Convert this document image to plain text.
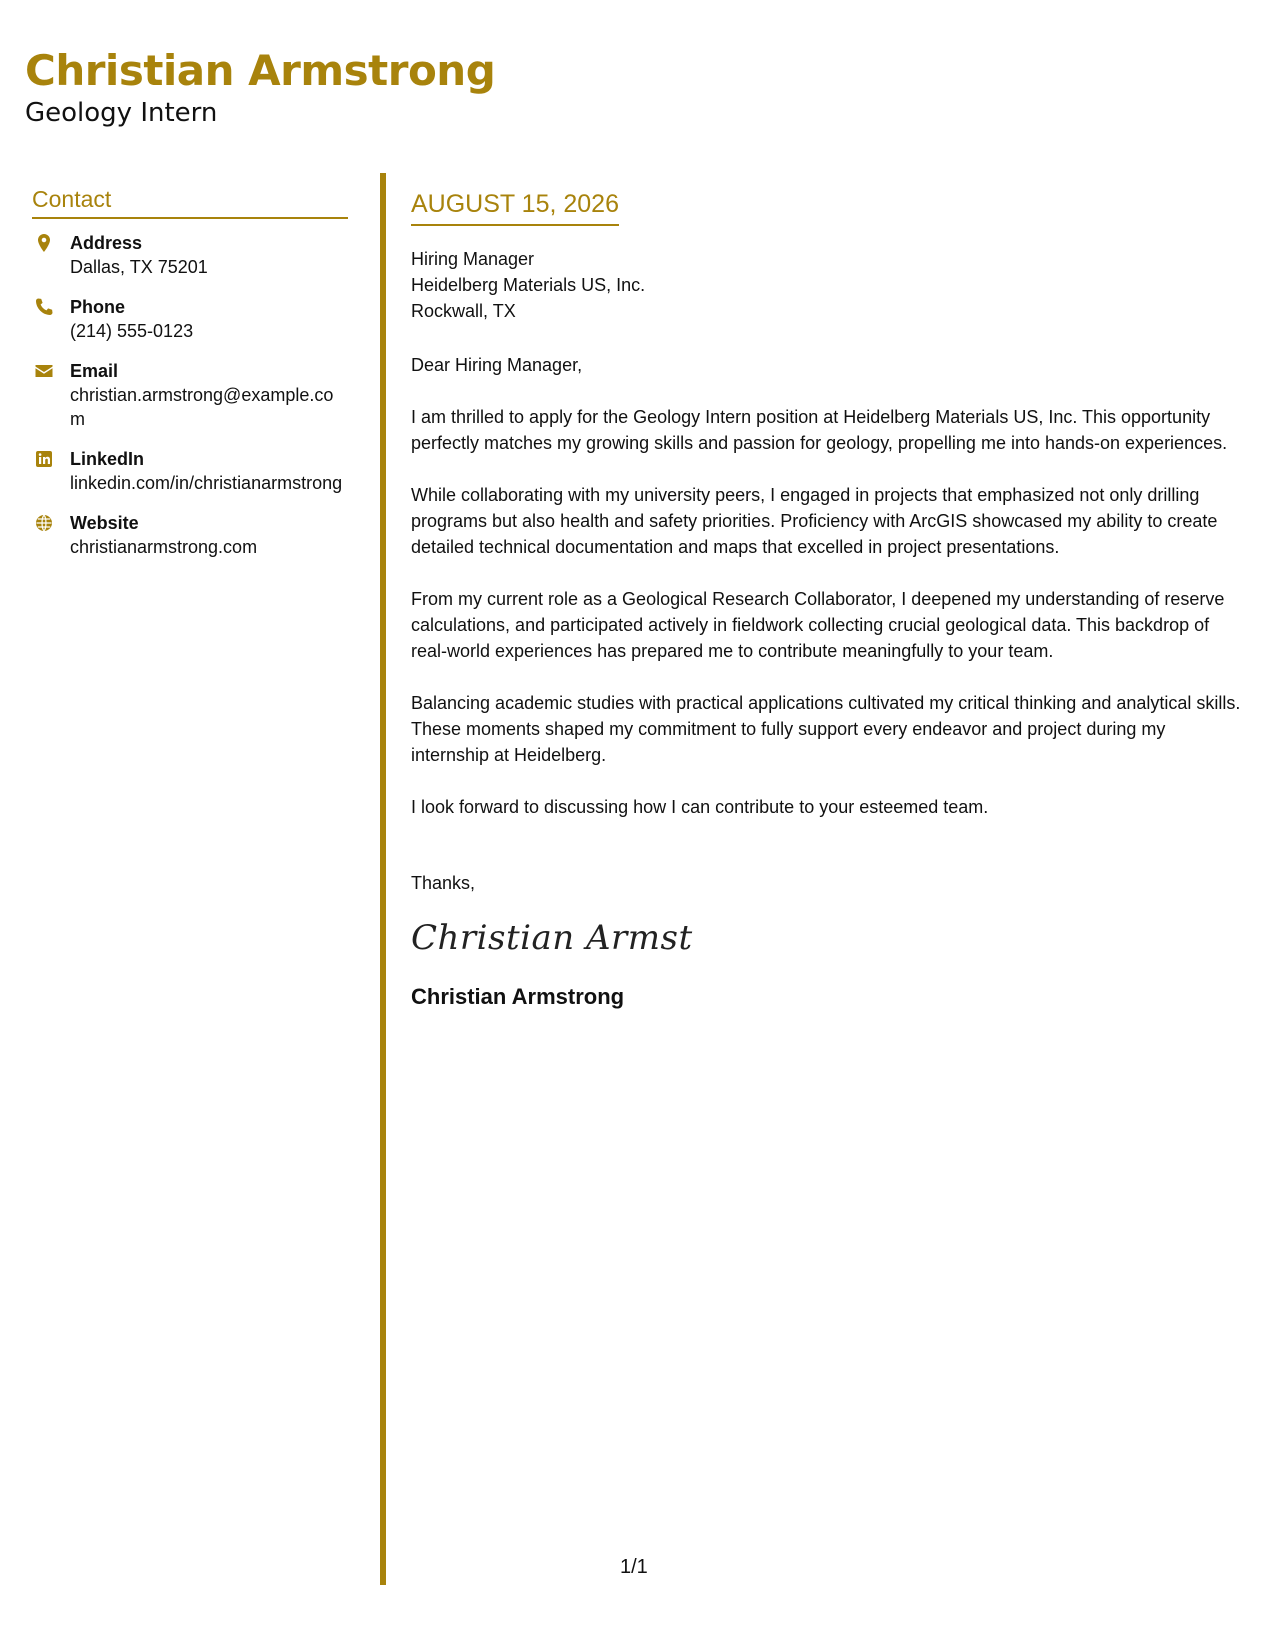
Christian Armstrong
Geology Intern
Contact
Address
Dallas, TX 75201
Phone
(214) 555-0123
Email
christian.armstrong@example.com
LinkedIn
linkedin.com/in/christianarmstrong
Website
christianarmstrong.com
AUGUST 15, 2026
Hiring Manager
Heidelberg Materials US, Inc.
Rockwall, TX

Dear Hiring Manager,

I am thrilled to apply for the Geology Intern position at Heidelberg Materials US, Inc. This opportunity perfectly matches my growing skills and passion for geology, propelling me into hands-on experiences.

While collaborating with my university peers, I engaged in projects that emphasized not only drilling programs but also health and safety priorities. Proficiency with ArcGIS showcased my ability to create detailed technical documentation and maps that excelled in project presentations.

From my current role as a Geological Research Collaborator, I deepened my understanding of reserve calculations, and participated actively in fieldwork collecting crucial geological data. This backdrop of real-world experiences has prepared me to contribute meaningfully to your team.

Balancing academic studies with practical applications cultivated my critical thinking and analytical skills. These moments shaped my commitment to fully support every endeavor and project during my internship at Heidelberg.

I look forward to discussing how I can contribute to your esteemed team.

Thanks,
Christian Armst
Christian Armstrong
1/1
